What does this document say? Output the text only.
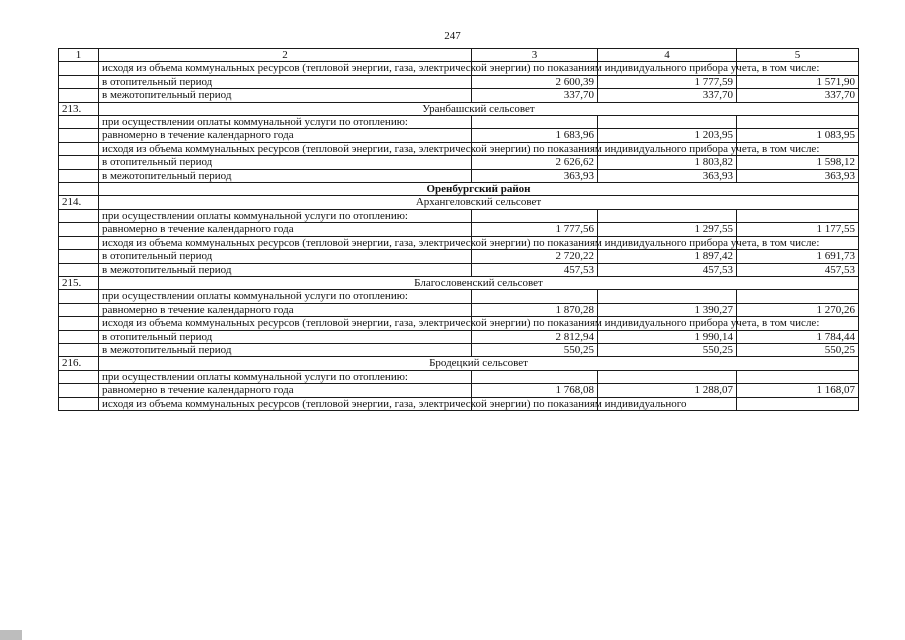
247
1	2	3	4	5
	исходя из объема коммунальных ресурсов (тепловой энергии, газа, электрической энергии) по показаниям индивидуального прибора учета, в том числе:			
	в отопительный период	2 600,39	1 777,59	1 571,90
	в межотопительный период	337,70	337,70	337,70
213.	Уранбашский сельсовет			
	при осуществлении оплаты коммунальной услуги по отоплению:			
	равномерно в течение календарного года	1 683,96	1 203,95	1 083,95
	исходя из объема коммунальных ресурсов (тепловой энергии, газа, электрической энергии) по показаниям индивидуального прибора учета, в том числе:			
	в отопительный период	2 626,62	1 803,82	1 598,12
	в межотопительный период	363,93	363,93	363,93
	Оренбургский район			
214.	Архангеловский сельсовет			
	при осуществлении оплаты коммунальной услуги по отоплению:			
	равномерно в течение календарного года	1 777,56	1 297,55	1 177,55
	исходя из объема коммунальных ресурсов (тепловой энергии, газа, электрической энергии) по показаниям индивидуального прибора учета, в том числе:			
	в отопительный период	2 720,22	1 897,42	1 691,73
	в межотопительный период	457,53	457,53	457,53
215.	Благословенский сельсовет			
	при осуществлении оплаты коммунальной услуги по отоплению:			
	равномерно в течение календарного года	1 870,28	1 390,27	1 270,26
	исходя из объема коммунальных ресурсов (тепловой энергии, газа, электрической энергии) по показаниям индивидуального прибора учета, в том числе:			
	в отопительный период	2 812,94	1 990,14	1 784,44
	в межотопительный период	550,25	550,25	550,25
216.	Бродецкий сельсовет			
	при осуществлении оплаты коммунальной услуги по отоплению:			
	равномерно в течение календарного года	1 768,08	1 288,07	1 168,07
	исходя из объема коммунальных ресурсов (тепловой энергии, газа, электрической энергии) по показаниям индивидуального			
